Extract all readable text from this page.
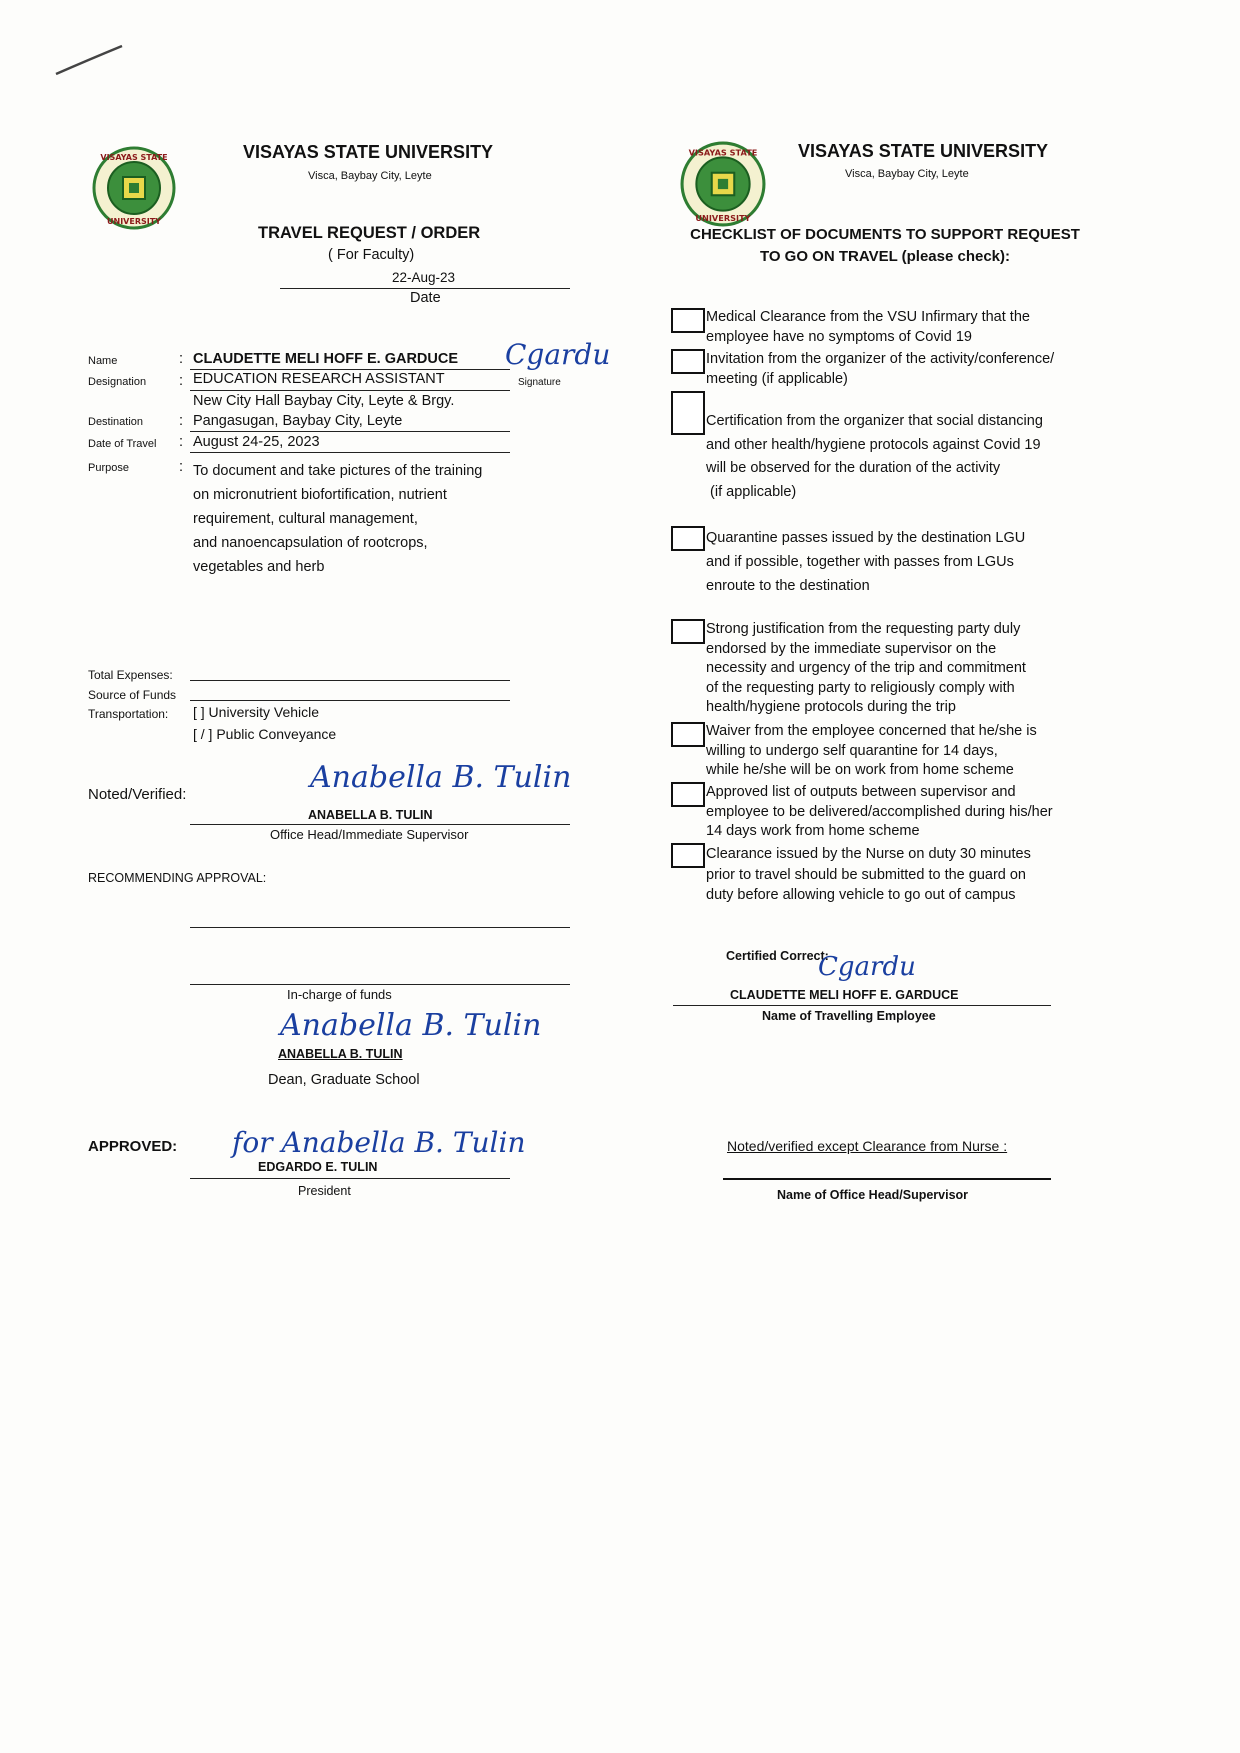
VISAYAS STATE
UNIVERSITY
VISAYAS STATE UNIVERSITY
Visca, Baybay City, Leyte
TRAVEL REQUEST / ORDER
( For Faculty)
22-Aug-23
Date
Name
Designation
Destination
Date of Travel
Purpose
:
:
:
:
:
CLAUDETTE MELI HOFF E. GARDUCE
EDUCATION RESEARCH ASSISTANT	Signature
Cgardu
New City Hall Baybay City, Leyte & Brgy.
Pangasugan, Baybay City, Leyte
August 24-25, 2023
To document and take pictures of the training
on micronutrient biofortification, nutrient
requirement, cultural management,
and nanoencapsulation of rootcrops,
vegetables and herb
Total Expenses:
Source of Funds
Transportation: [ ] University Vehicle
[ / ] Public Conveyance
Noted/Verified:	Anabella B. Tulin
ANABELLA B. TULIN
Office Head/Immediate Supervisor
RECOMMENDING APPROVAL:
In-charge of funds
Anabella B. Tulin
ANABELLA B. TULIN
Dean, Graduate School
APPROVED: for Anabella B. Tulin
EDGARDO E. TULIN
President
VISAYAS STATE
UNIVERSITY
VISAYAS STATE UNIVERSITY
Visca, Baybay City, Leyte
CHECKLIST OF DOCUMENTS TO SUPPORT REQUEST
TO GO ON TRAVEL (please check):
Medical Clearance from the VSU Infirmary that the
employee have no symptoms of Covid 19
Invitation from the organizer of the activity/conference/
meeting (if applicable)
Certification from the organizer that social distancing
and other health/hygiene protocols against Covid 19
will be observed for the duration of the activity
(if applicable)
Quarantine passes issued by the destination LGU
and if possible, together with passes from LGUs
enroute to the destination
Strong justification from the requesting party duly
endorsed by the immediate supervisor on the
necessity and urgency of the trip and commitment
of the requesting party to religiously comply with
health/hygiene protocols during the trip
Waiver from the employee concerned that he/she is
willing to undergo self quarantine for 14 days,
while he/she will be on work from home scheme
Approved list of outputs between supervisor and
employee to be delivered/accomplished during his/her
14 days work from home scheme
Clearance issued by the Nurse on duty 30 minutes
prior to travel should be submitted to the guard on
duty before allowing vehicle to go out of campus
Certified Correct:
Cgardu
CLAUDETTE MELI HOFF E. GARDUCE
Name of Travelling Employee
Noted/verified except Clearance from Nurse :
Name of Office Head/Supervisor
